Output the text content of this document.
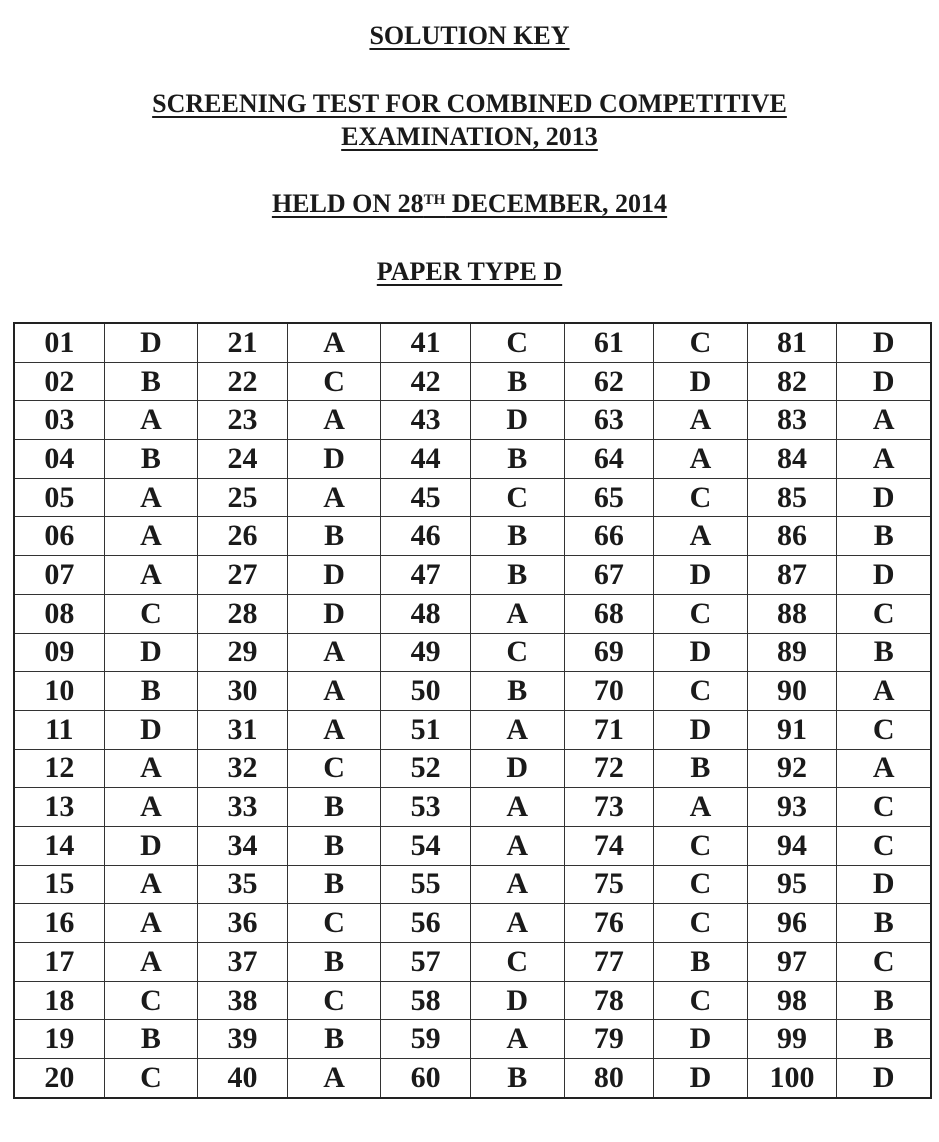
SOLUTION KEY
SCREENING TEST FOR COMBINED COMPETITIVE
EXAMINATION, 2013
HELD ON 28TH DECEMBER, 2014
PAPER TYPE D
01	D	21	A	41	C	61	C	81	D
02	B	22	C	42	B	62	D	82	D
03	A	23	A	43	D	63	A	83	A
04	B	24	D	44	B	64	A	84	A
05	A	25	A	45	C	65	C	85	D
06	A	26	B	46	B	66	A	86	B
07	A	27	D	47	B	67	D	87	D
08	C	28	D	48	A	68	C	88	C
09	D	29	A	49	C	69	D	89	B
10	B	30	A	50	B	70	C	90	A
11	D	31	A	51	A	71	D	91	C
12	A	32	C	52	D	72	B	92	A
13	A	33	B	53	A	73	A	93	C
14	D	34	B	54	A	74	C	94	C
15	A	35	B	55	A	75	C	95	D
16	A	36	C	56	A	76	C	96	B
17	A	37	B	57	C	77	B	97	C
18	C	38	C	58	D	78	C	98	B
19	B	39	B	59	A	79	D	99	B
20	C	40	A	60	B	80	D	100	D
